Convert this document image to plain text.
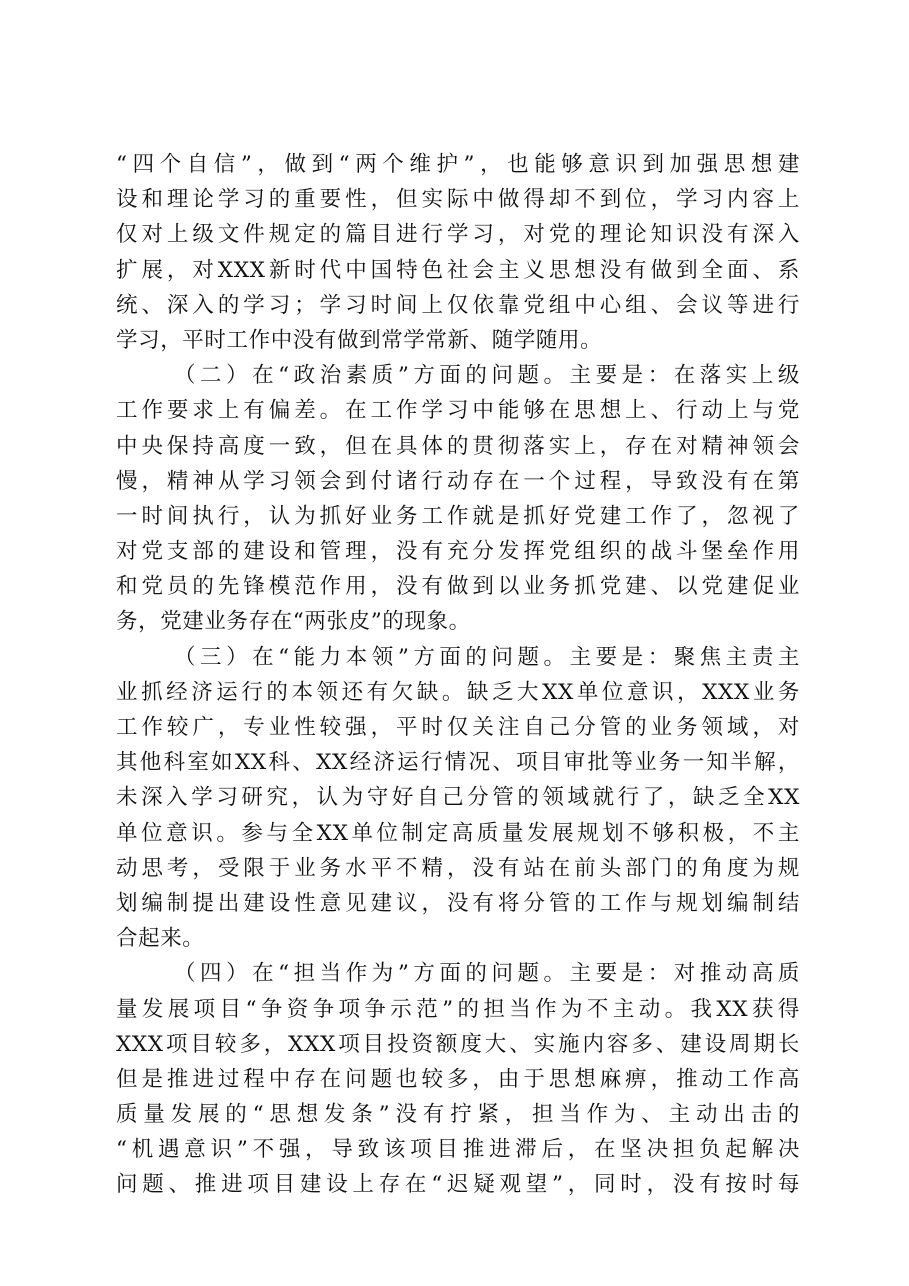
“四个自信”，做到“两个维护”，也能够意识到加强思想建
设和理论学习的重要性，但实际中做得却不到位，学习内容上
仅对上级文件规定的篇目进行学习，对党的理论知识没有深入
扩展，对XXX新时代中国特色社会主义思想没有做到全面、系
统、深入的学习；学习时间上仅依靠党组中心组、会议等进行
学习，平时工作中没有做到常学常新、随学随用。
（二）在“政治素质”方面的问题。主要是：在落实上级
工作要求上有偏差。在工作学习中能够在思想上、行动上与党
中央保持高度一致，但在具体的贯彻落实上，存在对精神领会
慢，精神从学习领会到付诸行动存在一个过程，导致没有在第
一时间执行，认为抓好业务工作就是抓好党建工作了，忽视了
对党支部的建设和管理，没有充分发挥党组织的战斗堡垒作用
和党员的先锋模范作用，没有做到以业务抓党建、以党建促业
务，党建业务存在“两张皮”的现象。
（三）在“能力本领”方面的问题。主要是：聚焦主责主
业抓经济运行的本领还有欠缺。缺乏大XX单位意识，XXX业务
工作较广，专业性较强，平时仅关注自己分管的业务领域，对
其他科室如XX科、XX经济运行情况、项目审批等业务一知半解，
未深入学习研究，认为守好自己分管的领域就行了，缺乏全XX
单位意识。参与全XX单位制定高质量发展规划不够积极，不主
动思考，受限于业务水平不精，没有站在前头部门的角度为规
划编制提出建设性意见建议，没有将分管的工作与规划编制结
合起来。
（四）在“担当作为”方面的问题。主要是：对推动高质
量发展项目“争资争项争示范”的担当作为不主动。我XX获得
XXX项目较多，XXX项目投资额度大、实施内容多、建设周期长
但是推进过程中存在问题也较多，由于思想麻痹，推动工作高
质量发展的“思想发条”没有拧紧，担当作为、主动出击的
“机遇意识”不强，导致该项目推进滞后，在坚决担负起解决
问题、推进项目建设上存在“迟疑观望”，同时，没有按时每
